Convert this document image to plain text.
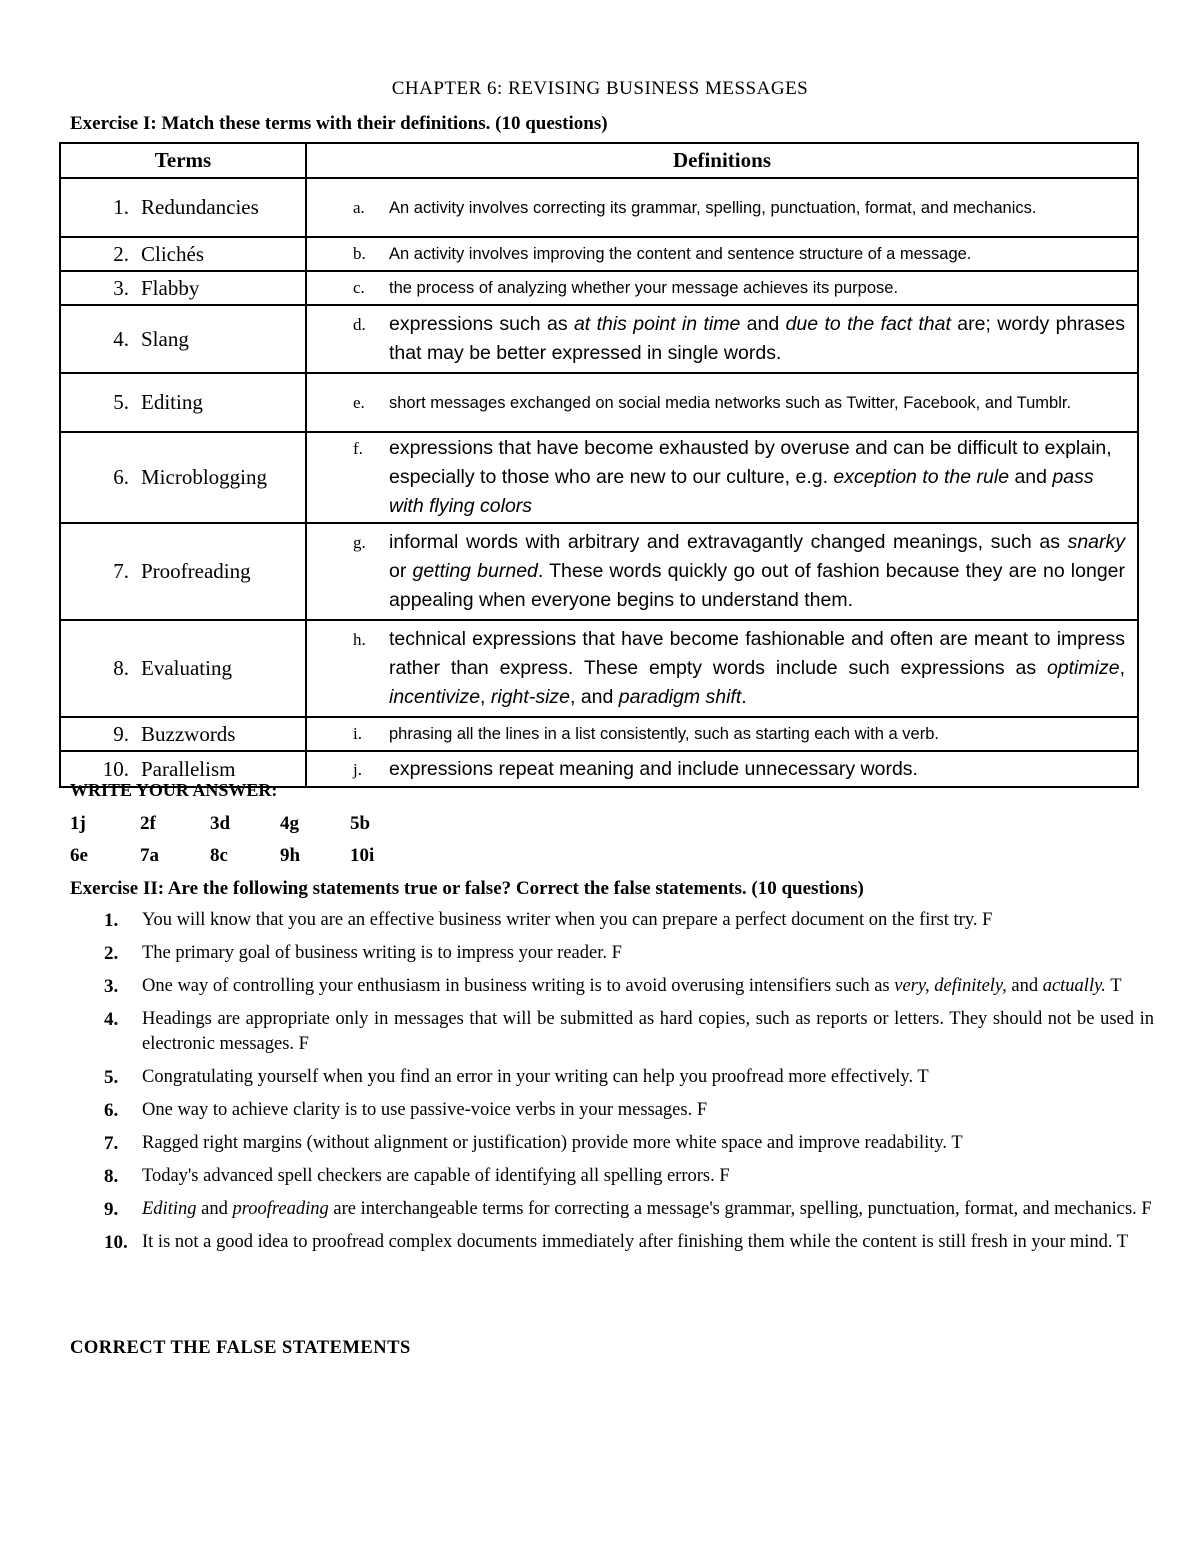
CHAPTER 6: REVISING BUSINESS MESSAGES
Exercise I: Match these terms with their definitions. (10 questions)
Terms	Definitions
1. Redundancies	a. An activity involves correcting its grammar, spelling, punctuation, format, and mechanics.

2. Clichés	b. An activity involves improving the content and sentence structure of a message.

3. Flabby	c. the process of analyzing whether your message achieves its purpose.

4. Slang	d. expressions such as at this point in time and due to the fact that are; wordy phrases that may be better expressed in single words.

5. Editing	e. short messages exchanged on social media networks such as Twitter, Facebook, and Tumblr.

6. Microblogging	f. expressions that have become exhausted by overuse and can be difficult to explain, especially to those who are new to our culture, e.g. exception to the rule and pass with flying colors

7. Proofreading	g. informal words with arbitrary and extravagantly changed meanings, such as snarky or getting burned. These words quickly go out of fashion because they are no longer appealing when everyone begins to understand them.

8. Evaluating	h. technical expressions that have become fashionable and often are meant to impress rather than express. These empty words include such expressions as optimize, incentivize, right-size, and paradigm shift.

9. Buzzwords	i. phrasing all the lines in a list consistently, such as starting each with a verb.

10. Parallelism	j. expressions repeat meaning and include unnecessary words.
WRITE YOUR ANSWER:
1j	2f	3d	4g	5b
6e	7a	8c	9h	10i
Exercise II: Are the following statements true or false? Correct the false statements. (10 questions)
1. You will know that you are an effective business writer when you can prepare a perfect document on the first try. F
2. The primary goal of business writing is to impress your reader. F
3. One way of controlling your enthusiasm in business writing is to avoid overusing intensifiers such as very, definitely, and actually. T
4. Headings are appropriate only in messages that will be submitted as hard copies, such as reports or letters. They should not be used in electronic messages. F
5. Congratulating yourself when you find an error in your writing can help you proofread more effectively. T
6. One way to achieve clarity is to use passive-voice verbs in your messages. F
7. Ragged right margins (without alignment or justification) provide more white space and improve readability. T
8. Today's advanced spell checkers are capable of identifying all spelling errors. F
9. Editing and proofreading are interchangeable terms for correcting a message's grammar, spelling, punctuation, format, and mechanics. F
10. It is not a good idea to proofread complex documents immediately after finishing them while the content is still fresh in your mind. T
CORRECT THE FALSE STATEMENTS
